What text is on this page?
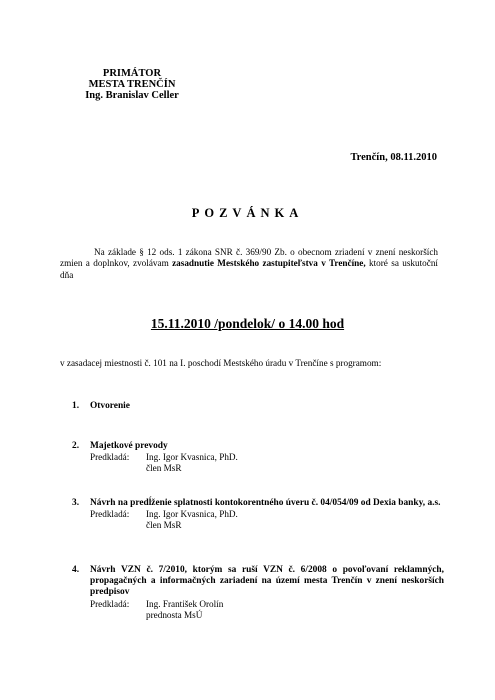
PRIMÁTOR
MESTA TRENČÍN
Ing. Branislav Celler
Trenčín, 08.11.2010
POZVÁNKA
Na základe § 12 ods. 1 zákona SNR č. 369/90 Zb. o obecnom zriadení v znení neskorších zmien a doplnkov, zvolávam zasadnutie Mestského zastupiteľstva v Trenčíne, ktoré sa uskutoční dňa
15.11.2010 /pondelok/ o 14.00 hod
v zasadacej miestnosti č. 101 na I. poschodí Mestského úradu v Trenčíne s programom:
1.	Otvorenie
2.	Majetkové prevody
Predkladá:	Ing. Igor Kvasnica, PhD.
člen MsR
3.	Návrh na predĺženie splatnosti kontokorentného úveru č. 04/054/09 od Dexia banky, a.s.
Predkladá:	Ing. Igor Kvasnica, PhD.
člen MsR
4.	Návrh VZN č. 7/2010, ktorým sa ruší VZN č. 6/2008 o povoľovaní reklamných, propagačných a informačných zariadení na území mesta Trenčín v znení neskorších predpisov
Predkladá:	Ing. František Orolín
prednosta MsÚ
